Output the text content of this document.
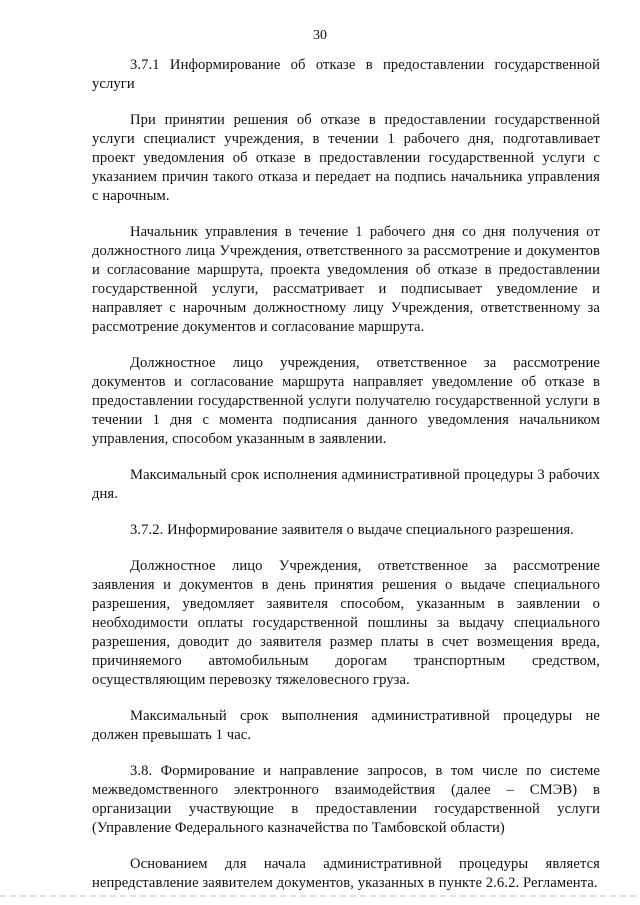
30

3.7.1 Информирование об отказе в предоставлении государственной услуги

При принятии решения об отказе в предоставлении государственной услуги специалист учреждения, в течении 1 рабочего дня, подготавливает проект уведомления об отказе в предоставлении государственной услуги с указанием причин такого отказа и передает на подпись начальника управления с нарочным.

Начальник управления в течение 1 рабочего дня со дня получения от должностного лица Учреждения, ответственного за рассмотрение и документов и согласование маршрута, проекта уведомления об отказе в предоставлении государственной услуги, рассматривает и подписывает уведомление и направляет с нарочным должностному лицу Учреждения, ответственному за рассмотрение документов и согласование маршрута.

Должностное лицо учреждения, ответственное за рассмотрение документов и согласование маршрута направляет уведомление об отказе в предоставлении государственной услуги получателю государственной услуги в течении 1 дня с момента подписания данного уведомления начальником управления, способом указанным в заявлении.

Максимальный срок исполнения административной процедуры 3 рабочих дня.

3.7.2. Информирование заявителя о выдаче специального разрешения.

Должностное лицо Учреждения, ответственное за рассмотрение заявления и документов в день принятия решения о выдаче специального разрешения, уведомляет заявителя способом, указанным в заявлении о необходимости оплаты государственной пошлины за выдачу специального разрешения, доводит до заявителя размер платы в счет возмещения вреда, причиняемого автомобильным дорогам транспортным средством, осуществляющим перевозку тяжеловесного груза.

Максимальный срок выполнения административной процедуры не должен превышать 1 час.

3.8. Формирование и направление запросов, в том числе по системе межведомственного электронного взаимодействия (далее – СМЭВ) в организации участвующие в предоставлении государственной услуги (Управление Федерального казначейства по Тамбовской области)

Основанием для начала административной процедуры является непредставление заявителем документов, указанных в пункте 2.6.2. Регламента.
